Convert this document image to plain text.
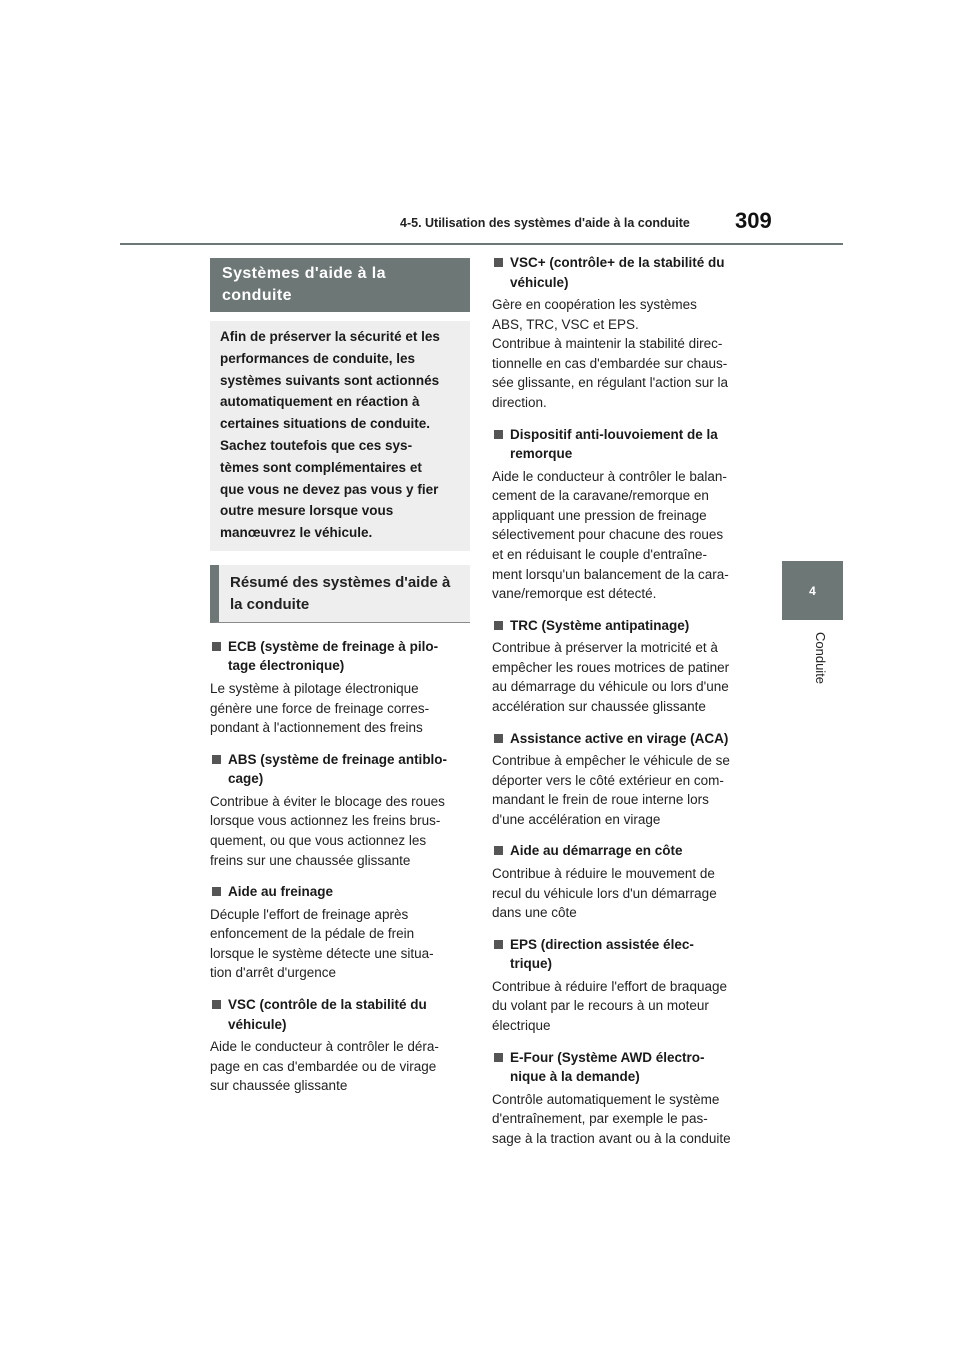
4-5. Utilisation des systèmes d'aide à la conduite	309
4
Conduite
Systèmes d'aide à la
conduite
Afin de préserver la sécurité et les
performances de conduite, les
systèmes suivants sont actionnés
automatiquement en réaction à
certaines situations de conduite.
Sachez toutefois que ces sys-
tèmes sont complémentaires et
que vous ne devez pas vous y fier
outre mesure lorsque vous
manœuvrez le véhicule.
Résumé des systèmes d'aide à
la conduite
ECB (système de freinage à pilo-
tage électronique)
Le système à pilotage électronique
génère une force de freinage corres-
pondant à l'actionnement des freins
ABS (système de freinage antiblo-
cage)
Contribue à éviter le blocage des roues
lorsque vous actionnez les freins brus-
quement, ou que vous actionnez les
freins sur une chaussée glissante
Aide au freinage
Décuple l'effort de freinage après
enfoncement de la pédale de frein
lorsque le système détecte une situa-
tion d'arrêt d'urgence
VSC (contrôle de la stabilité du
véhicule)
Aide le conducteur à contrôler le déra-
page en cas d'embardée ou de virage
sur chaussée glissante
VSC+ (contrôle+ de la stabilité du
véhicule)
Gère en coopération les systèmes
ABS, TRC, VSC et EPS.
Contribue à maintenir la stabilité direc-
tionnelle en cas d'embardée sur chaus-
sée glissante, en régulant l'action sur la
direction.
Dispositif anti-louvoiement de la
remorque
Aide le conducteur à contrôler le balan-
cement de la caravane/remorque en
appliquant une pression de freinage
sélectivement pour chacune des roues
et en réduisant le couple d'entraîne-
ment lorsqu'un balancement de la cara-
vane/remorque est détecté.
TRC (Système antipatinage)
Contribue à préserver la motricité et à
empêcher les roues motrices de patiner
au démarrage du véhicule ou lors d'une
accélération sur chaussée glissante
Assistance active en virage (ACA)
Contribue à empêcher le véhicule de se
déporter vers le côté extérieur en com-
mandant le frein de roue interne lors
d'une accélération en virage
Aide au démarrage en côte
Contribue à réduire le mouvement de
recul du véhicule lors d'un démarrage
dans une côte
EPS (direction assistée élec-
trique)
Contribue à réduire l'effort de braquage
du volant par le recours à un moteur
électrique
E-Four (Système AWD électro-
nique à la demande)
Contrôle automatiquement le système
d'entraînement, par exemple le pas-
sage à la traction avant ou à la conduite
